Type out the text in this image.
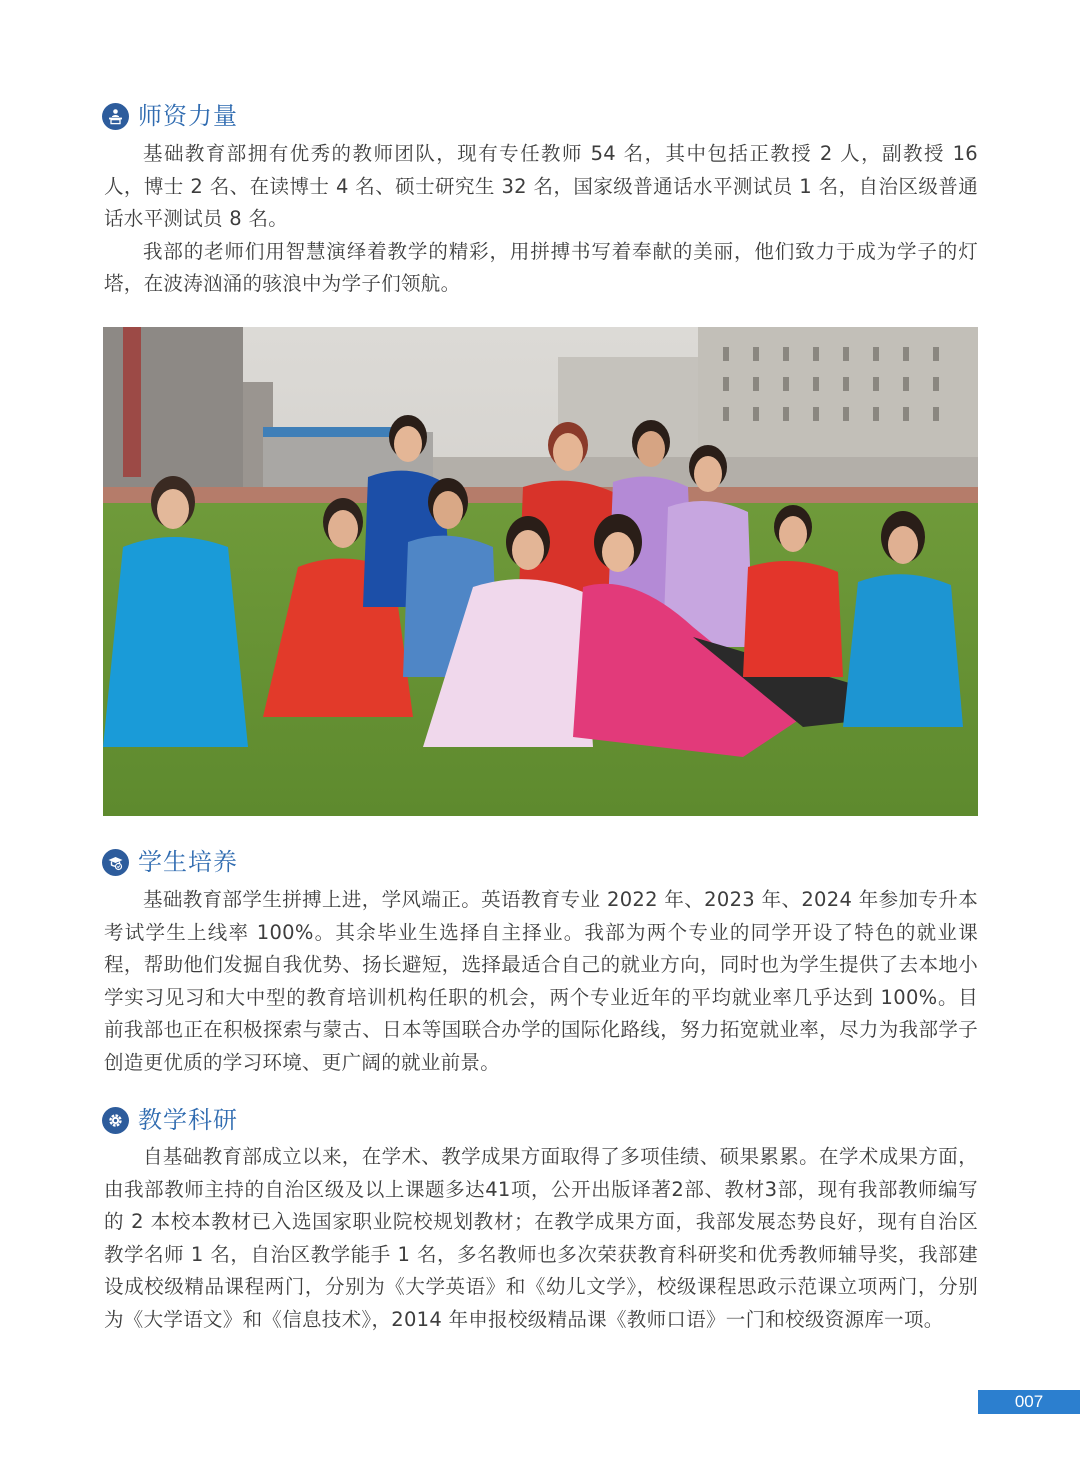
师资力量

基础教育部拥有优秀的教师团队，现有专任教师 54 名，其中包括正教授 2 人，副教授 16 人，博士 2 名、在读博士 4 名、硕士研究生 32 名，国家级普通话水平测试员 1 名，自治区级普通话水平测试员 8 名。

我部的老师们用智慧演绎着教学的精彩，用拼搏书写着奉献的美丽，他们致力于成为学子的灯塔，在波涛汹涌的骇浪中为学子们领航。

学生培养

基础教育部学生拼搏上进，学风端正。英语教育专业 2022 年、2023 年、2024 年参加专升本考试学生上线率 100%。其余毕业生选择自主择业。我部为两个专业的同学开设了特色的就业课程，帮助他们发掘自我优势、扬长避短，选择最适合自己的就业方向，同时也为学生提供了去本地小学实习见习和大中型的教育培训机构任职的机会，两个专业近年的平均就业率几乎达到 100%。目前我部也正在积极探索与蒙古、日本等国联合办学的国际化路线，努力拓宽就业率，尽力为我部学子创造更优质的学习环境、更广阔的就业前景。

教学科研

自基础教育部成立以来，在学术、教学成果方面取得了多项佳绩、硕果累累。在学术成果方面，由我部教师主持的自治区级及以上课题多达41项，公开出版译著2部、教材3部，现有我部教师编写的 2 本校本教材已入选国家职业院校规划教材；在教学成果方面，我部发展态势良好，现有自治区教学名师 1 名，自治区教学能手 1 名，多名教师也多次荣获教育科研奖和优秀教师辅导奖，我部建设成校级精品课程两门，分别为《大学英语》和《幼儿文学》，校级课程思政示范课立项两门，分别为《大学语文》和《信息技术》，2014 年申报校级精品课《教师口语》一门和校级资源库一项。

007
